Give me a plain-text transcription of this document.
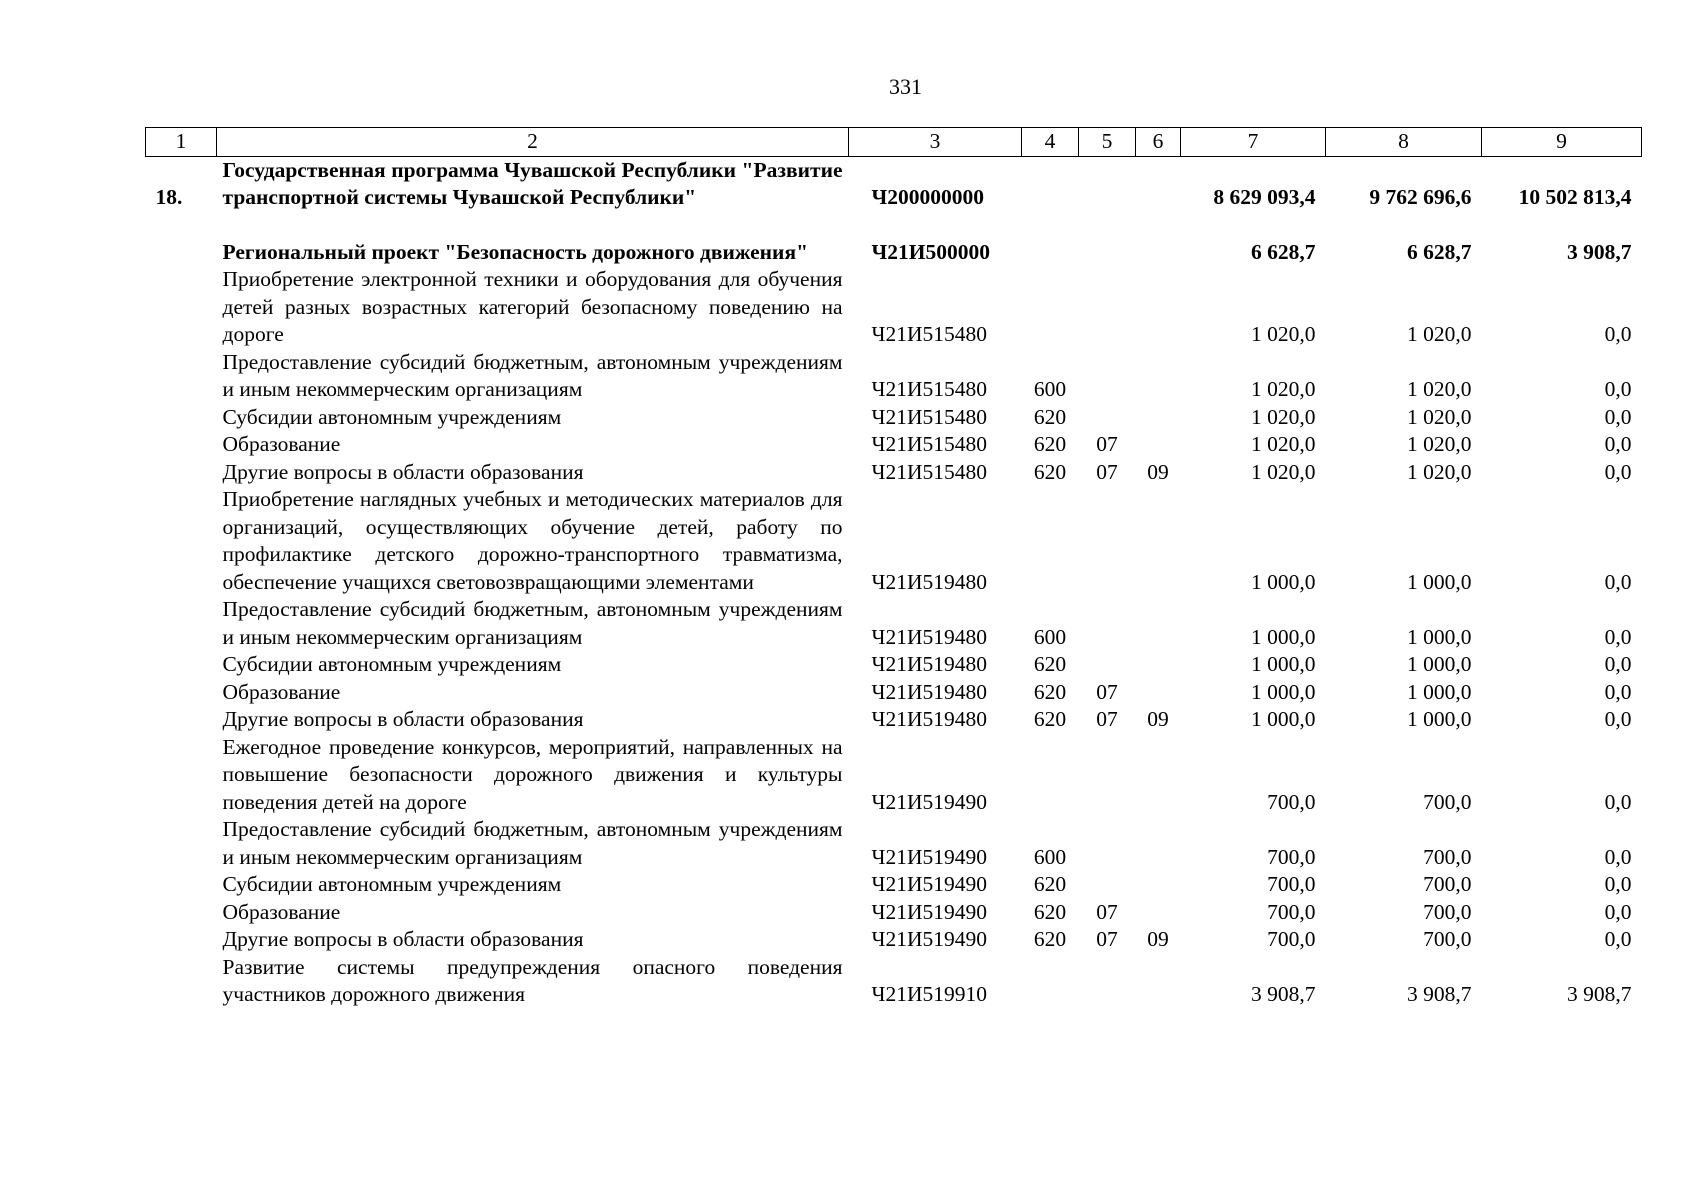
331
1	2	3	4	5	6	7	8	9
18.	Государственная программа Чувашской Республики "Развитие транспортной системы Чувашской Республики"	Ч200000000				8 629 093,4	9 762 696,6	10 502 813,4
	Региональный проект "Безопасность дорожного движения"	Ч21И500000				6 628,7	6 628,7	3 908,7
	Приобретение электронной техники и оборудования для обучения детей разных возрастных категорий безопасному поведению на дороге	Ч21И515480				1 020,0	1 020,0	0,0
	Предоставление субсидий бюджетным, автономным учреждениям и иным некоммерческим организациям	Ч21И515480	600			1 020,0	1 020,0	0,0
	Субсидии автономным учреждениям	Ч21И515480	620			1 020,0	1 020,0	0,0
	Образование	Ч21И515480	620	07		1 020,0	1 020,0	0,0
	Другие вопросы в области образования	Ч21И515480	620	07	09	1 020,0	1 020,0	0,0
	Приобретение наглядных учебных и методических материалов для организаций, осуществляющих обучение детей, работу по профилактике детского дорожно-транспортного травматизма, обеспечение учащихся световозвращающими элементами	Ч21И519480				1 000,0	1 000,0	0,0
	Предоставление субсидий бюджетным, автономным учреждениям и иным некоммерческим организациям	Ч21И519480	600			1 000,0	1 000,0	0,0
	Субсидии автономным учреждениям	Ч21И519480	620			1 000,0	1 000,0	0,0
	Образование	Ч21И519480	620	07		1 000,0	1 000,0	0,0
	Другие вопросы в области образования	Ч21И519480	620	07	09	1 000,0	1 000,0	0,0
	Ежегодное проведение конкурсов, мероприятий, направленных на повышение безопасности дорожного движения и культуры поведения детей на дороге	Ч21И519490				700,0	700,0	0,0
	Предоставление субсидий бюджетным, автономным учреждениям и иным некоммерческим организациям	Ч21И519490	600			700,0	700,0	0,0
	Субсидии автономным учреждениям	Ч21И519490	620			700,0	700,0	0,0
	Образование	Ч21И519490	620	07		700,0	700,0	0,0
	Другие вопросы в области образования	Ч21И519490	620	07	09	700,0	700,0	0,0
	Развитие системы предупреждения опасного поведения участников дорожного движения	Ч21И519910				3 908,7	3 908,7	3 908,7
